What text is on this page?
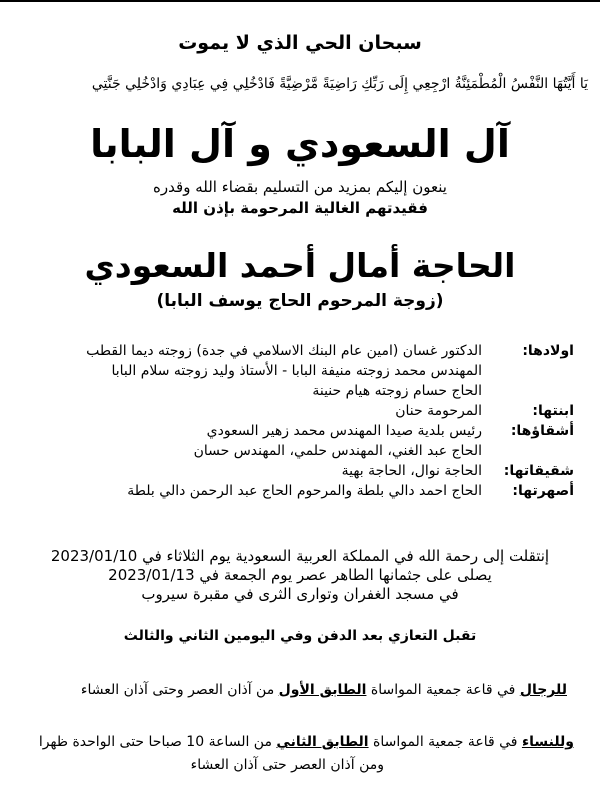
سبحان الحي الذي لا يموت
يَا أَيَّتُهَا النَّفْسُ الْمُطْمَئِنَّةُ ارْجِعِي إِلَى رَبِّكِ رَاضِيَةً مَّرْضِيَّةً فَادْخُلِي فِي عِبَادِي وَادْخُلِي جَنَّتِي
آل السعودي و آل البابا
ينعون إليكم بمزيد من التسليم بقضاء الله وقدره
فقيدتهم الغالية المرحومة بإذن الله
الحاجة أمال أحمد السعودي
(زوجة المرحوم الحاج يوسف البابا)
اولادها:
الدكتور غسان (امين عام البنك الاسلامي في جدة) زوجته ديما القطب
المهندس محمد زوجته منيفة البابا - الأستاذ وليد زوجته سلام البابا
الحاج حسام زوجته هيام حنينة
ابنتها:
المرحومة حنان
أشقاؤها:
رئيس بلدية صيدا المهندس محمد زهير السعودي
الحاج عبد الغني، المهندس حلمي، المهندس حسان
شقيقاتها:
الحاجة نوال، الحاجة بهية
أصهرتها:
الحاج احمد دالي بلطة والمرحوم الحاج عبد الرحمن دالي بلطة
إنتقلت إلى رحمة الله في المملكة العربية السعودية يوم الثلاثاء في 2023/01/10
يصلى على جثمانها الطاهر عصر يوم الجمعة في 2023/01/13
في مسجد الغفران وتوارى الثرى في مقبرة سيروب
تقبل التعازي بعد الدفن وفي اليومين الثاني والثالث
للرجال في قاعة جمعية المواساة الطابق الأول من آذان العصر وحتى آذان العشاء
وللنساء في قاعة جمعية المواساة الطابق الثاني من الساعة 10 صباحا حتى الواحدة ظهرا
ومن آذان العصر حتى آذان العشاء
